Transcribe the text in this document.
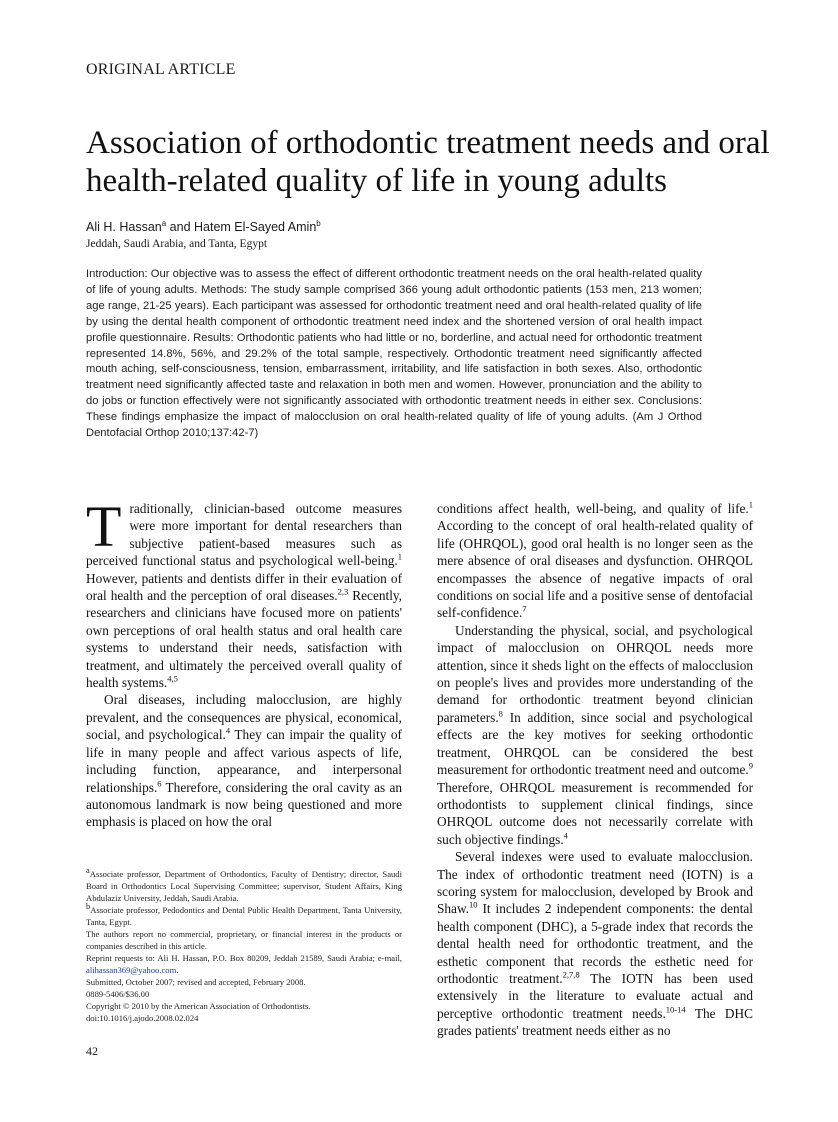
ORIGINAL ARTICLE
Association of orthodontic treatment needs and oral health-related quality of life in young adults
Ali H. Hassan$^a$ and Hatem El-Sayed Amin$^b$
Jeddah, Saudi Arabia, and Tanta, Egypt

Introduction: Our objective was to assess the effect of different orthodontic treatment needs on the oral health-related quality of life of young adults. Methods: The study sample comprised 366 young adult orthodontic patients (153 men, 213 women; age range, 21-25 years). Each participant was assessed for orthodontic treatment need and oral health-related quality of life by using the dental health component of orthodontic treatment need index and the shortened version of oral health impact profile questionnaire. Results: Orthodontic patients who had little or no, borderline, and actual need for orthodontic treatment represented 14.8%, 56%, and 29.2% of the total sample, respectively. Orthodontic treatment need significantly affected mouth aching, self-consciousness, tension, embarrassment, irritability, and life satisfaction in both sexes. Also, orthodontic treatment need significantly affected taste and relaxation in both men and women. However, pronunciation and the ability to do jobs or function effectively were not significantly associated with orthodontic treatment needs in either sex. Conclusions: These findings emphasize the impact of malocclusion on oral health-related quality of life of young adults. (Am J Orthod Dentofacial Orthop 2010;137:42-7)

Traditionally, clinician-based outcome measures were more important for dental researchers than subjective patient-based measures such as perceived functional status and psychological well-being.$^1$ However, patients and dentists differ in their evaluation of oral health and the perception of oral diseases.$^{2,3}$ Recently, researchers and clinicians have focused more on patients' own perceptions of oral health status and oral health care systems to understand their needs, satisfaction with treatment, and ultimately the perceived overall quality of health systems.$^{4,5}$

Oral diseases, including malocclusion, are highly prevalent, and the consequences are physical, economical, social, and psychological.$^4$ They can impair the quality of life in many people and affect various aspects of life, including function, appearance, and interpersonal relationships.$^6$ Therefore, considering the oral cavity as an autonomous landmark is now being questioned and more emphasis is placed on how the oral

conditions affect health, well-being, and quality of life.$^1$ According to the concept of oral health-related quality of life (OHRQOL), good oral health is no longer seen as the mere absence of oral diseases and dysfunction. OHRQOL encompasses the absence of negative impacts of oral conditions on social life and a positive sense of dentofacial self-confidence.$^7$

Understanding the physical, social, and psychological impact of malocclusion on OHRQOL needs more attention, since it sheds light on the effects of malocclusion on people's lives and provides more understanding of the demand for orthodontic treatment beyond clinician parameters.$^8$ In addition, since social and psychological effects are the key motives for seeking orthodontic treatment, OHRQOL can be considered the best measurement for orthodontic treatment need and outcome.$^9$ Therefore, OHRQOL measurement is recommended for orthodontists to supplement clinical findings, since OHRQOL outcome does not necessarily correlate with such objective findings.$^4$

Several indexes were used to evaluate malocclusion. The index of orthodontic treatment need (IOTN) is a scoring system for malocclusion, developed by Brook and Shaw.$^{10}$ It includes 2 independent components: the dental health component (DHC), a 5-grade index that records the dental health need for orthodontic treatment, and the esthetic component that records the esthetic need for orthodontic treatment.$^{2,7,8}$ The IOTN has been used extensively in the literature to evaluate actual and perceptive orthodontic treatment needs.$^{10-14}$ The DHC grades patients' treatment needs either as no

$^a$Associate professor, Department of Orthodontics, Faculty of Dentistry; director, Saudi Board in Orthodontics Local Supervising Committee; supervisor, Student Affairs, King Abdulaziz University, Jeddah, Saudi Arabia.

$^b$Associate professor, Pedodontics and Dental Public Health Department, Tanta University, Tanta, Egypt.

The authors report no commercial, proprietary, or financial interest in the products or companies described in this article.

Reprint requests to: Ali H. Hassan, P.O. Box 80209, Jeddah 21589, Saudi Arabia; e-mail, alihassan369@yahoo.com.

Submitted, October 2007; revised and accepted, February 2008.

0889-5406/$36.00

Copyright © 2010 by the American Association of Orthodontists.

doi:10.1016/j.ajodo.2008.02.024

42
